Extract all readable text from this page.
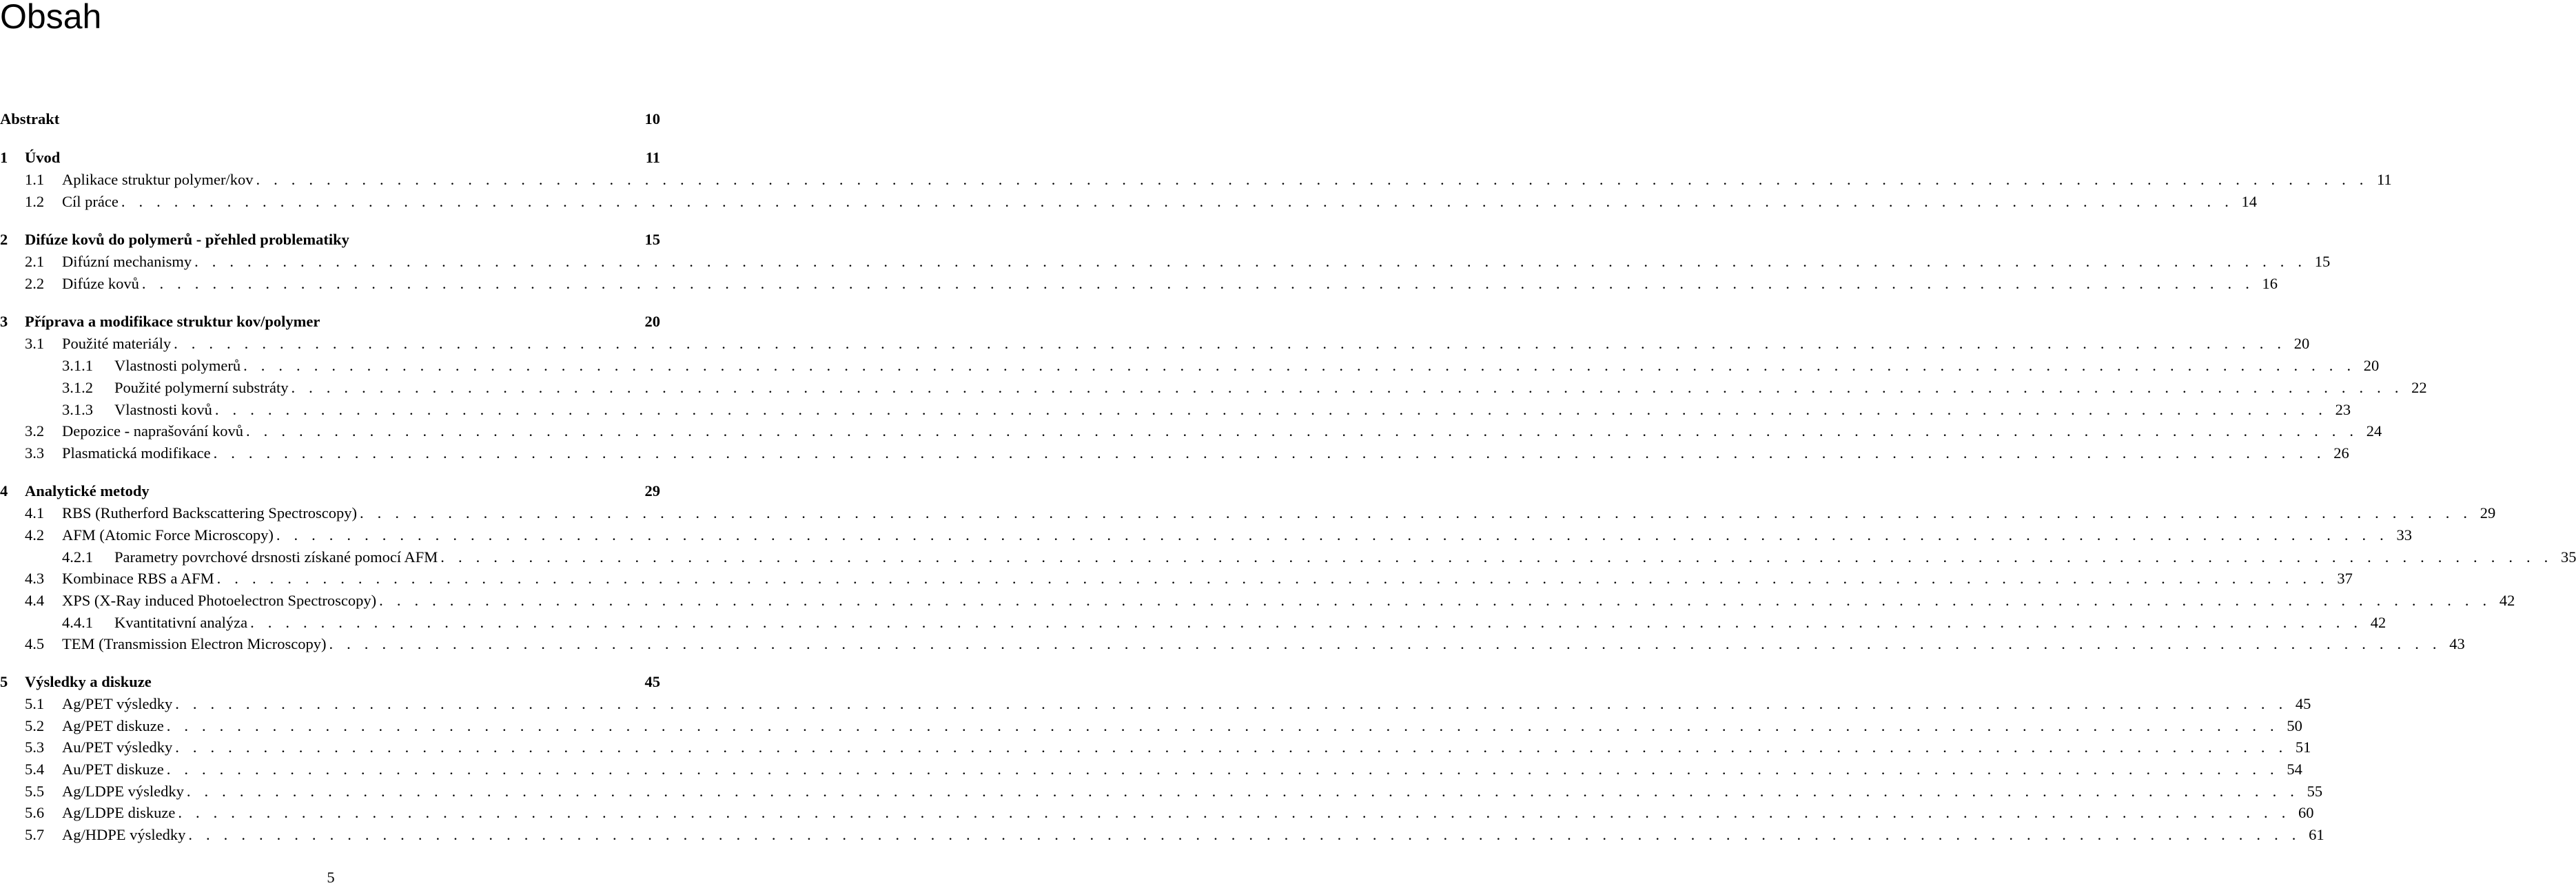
Obsah
Abstrakt	10
1	Úvod	11
1.1	Aplikace struktur polymer/kov . . . . . . . . . . . . . . . . . . . . . . . . . . . . . . . . . . . . . . . . . . . . . . . . . . . . . . . . . . . . . . . . . . . . . . . . . . . . . . . . . . . . . . . . . . . . . . . . . . . . . . . . . . . . . . . . . . . . . . . . 11
1.2	Cíl práce . . . . . . . . . . . . . . . . . . . . . . . . . . . . . . . . . . . . . . . . . . . . . . . . . . . . . . . . . . . . . . . . . . . . . . . . . . . . . . . . . . . . . . . . . . . . . . . . . . . . . . . . . . . . . . . . . . . . . . . . 14
2	Difúze kovů do polymerů - přehled problematiky	15
2.1	Difúzní mechanismy . . . . . . . . . . . . . . . . . . . . . . . . . . . . . . . . . . . . . . . . . . . . . . . . . . . . . . . . . . . . . . . . . . . . . . . . . . . . . . . . . . . . . . . . . . . . . . . . . . . . . . . . . . . . . . . . . . . . . . . . 15
2.2	Difúze kovů . . . . . . . . . . . . . . . . . . . . . . . . . . . . . . . . . . . . . . . . . . . . . . . . . . . . . . . . . . . . . . . . . . . . . . . . . . . . . . . . . . . . . . . . . . . . . . . . . . . . . . . . . . . . . . . . . . . . . . . . 16
3	Příprava a modifikace struktur kov/polymer	20
3.1	Použité materiály . . . . . . . . . . . . . . . . . . . . . . . . . . . . . . . . . . . . . . . . . . . . . . . . . . . . . . . . . . . . . . . . . . . . . . . . . . . . . . . . . . . . . . . . . . . . . . . . . . . . . . . . . . . . . . . . . . . . . . . . 20
3.1.1	Vlastnosti polymerů . . . . . . . . . . . . . . . . . . . . . . . . . . . . . . . . . . . . . . . . . . . . . . . . . . . . . . . . . . . . . . . . . . . . . . . . . . . . . . . . . . . . . . . . . . . . . . . . . . . . . . . . . . . . . . . . . . . . . . . . 20
3.1.2	Použité polymerní substráty . . . . . . . . . . . . . . . . . . . . . . . . . . . . . . . . . . . . . . . . . . . . . . . . . . . . . . . . . . . . . . . . . . . . . . . . . . . . . . . . . . . . . . . . . . . . . . . . . . . . . . . . . . . . . . . . . . . . . . . . 22
3.1.3	Vlastnosti kovů . . . . . . . . . . . . . . . . . . . . . . . . . . . . . . . . . . . . . . . . . . . . . . . . . . . . . . . . . . . . . . . . . . . . . . . . . . . . . . . . . . . . . . . . . . . . . . . . . . . . . . . . . . . . . . . . . . . . . . . . 23
3.2	Depozice - naprašování kovů . . . . . . . . . . . . . . . . . . . . . . . . . . . . . . . . . . . . . . . . . . . . . . . . . . . . . . . . . . . . . . . . . . . . . . . . . . . . . . . . . . . . . . . . . . . . . . . . . . . . . . . . . . . . . . . . . . . . . . . . 24
3.3	Plasmatická modifikace . . . . . . . . . . . . . . . . . . . . . . . . . . . . . . . . . . . . . . . . . . . . . . . . . . . . . . . . . . . . . . . . . . . . . . . . . . . . . . . . . . . . . . . . . . . . . . . . . . . . . . . . . . . . . . . . . . . . . . . . 26
4	Analytické metody	29
4.1	RBS (Rutherford Backscattering Spectroscopy) . . . . . . . . . . . . . . . . . . . . . . . . . . . . . . . . . . . . . . . . . . . . . . . . . . . . . . . . . . . . . . . . . . . . . . . . . . . . . . . . . . . . . . . . . . . . . . . . . . . . . . . . . . . . . . . . . . . . . . . . 29
4.2	AFM (Atomic Force Microscopy) . . . . . . . . . . . . . . . . . . . . . . . . . . . . . . . . . . . . . . . . . . . . . . . . . . . . . . . . . . . . . . . . . . . . . . . . . . . . . . . . . . . . . . . . . . . . . . . . . . . . . . . . . . . . . . . . . . . . . . . . 33
4.2.1	Parametry povrchové drsnosti získané pomocí AFM . . . . . . . . . . . . . . . . . . . . . . . . . . . . . . . . . . . . . . . . . . . . . . . . . . . . . . . . . . . . . . . . . . . . . . . . . . . . . . . . . . . . . . . . . . . . . . . . . . . . . . . . . . . . . . . . . . . . . . . . 35
4.3	Kombinace RBS a AFM . . . . . . . . . . . . . . . . . . . . . . . . . . . . . . . . . . . . . . . . . . . . . . . . . . . . . . . . . . . . . . . . . . . . . . . . . . . . . . . . . . . . . . . . . . . . . . . . . . . . . . . . . . . . . . . . . . . . . . . . 37
4.4	XPS (X-Ray induced Photoelectron Spectroscopy) . . . . . . . . . . . . . . . . . . . . . . . . . . . . . . . . . . . . . . . . . . . . . . . . . . . . . . . . . . . . . . . . . . . . . . . . . . . . . . . . . . . . . . . . . . . . . . . . . . . . . . . . . . . . . . . . . . . . . . . . 42
4.4.1	Kvantitativní analýza . . . . . . . . . . . . . . . . . . . . . . . . . . . . . . . . . . . . . . . . . . . . . . . . . . . . . . . . . . . . . . . . . . . . . . . . . . . . . . . . . . . . . . . . . . . . . . . . . . . . . . . . . . . . . . . . . . . . . . . . 42
4.5	TEM (Transmission Electron Microscopy) . . . . . . . . . . . . . . . . . . . . . . . . . . . . . . . . . . . . . . . . . . . . . . . . . . . . . . . . . . . . . . . . . . . . . . . . . . . . . . . . . . . . . . . . . . . . . . . . . . . . . . . . . . . . . . . . . . . . . . . . 43
5	Výsledky a diskuze	45
5.1	Ag/PET výsledky . . . . . . . . . . . . . . . . . . . . . . . . . . . . . . . . . . . . . . . . . . . . . . . . . . . . . . . . . . . . . . . . . . . . . . . . . . . . . . . . . . . . . . . . . . . . . . . . . . . . . . . . . . . . . . . . . . . . . . . . 45
5.2	Ag/PET diskuze . . . . . . . . . . . . . . . . . . . . . . . . . . . . . . . . . . . . . . . . . . . . . . . . . . . . . . . . . . . . . . . . . . . . . . . . . . . . . . . . . . . . . . . . . . . . . . . . . . . . . . . . . . . . . . . . . . . . . . . . 50
5.3	Au/PET výsledky . . . . . . . . . . . . . . . . . . . . . . . . . . . . . . . . . . . . . . . . . . . . . . . . . . . . . . . . . . . . . . . . . . . . . . . . . . . . . . . . . . . . . . . . . . . . . . . . . . . . . . . . . . . . . . . . . . . . . . . . 51
5.4	Au/PET diskuze . . . . . . . . . . . . . . . . . . . . . . . . . . . . . . . . . . . . . . . . . . . . . . . . . . . . . . . . . . . . . . . . . . . . . . . . . . . . . . . . . . . . . . . . . . . . . . . . . . . . . . . . . . . . . . . . . . . . . . . . 54
5.5	Ag/LDPE výsledky . . . . . . . . . . . . . . . . . . . . . . . . . . . . . . . . . . . . . . . . . . . . . . . . . . . . . . . . . . . . . . . . . . . . . . . . . . . . . . . . . . . . . . . . . . . . . . . . . . . . . . . . . . . . . . . . . . . . . . . . 55
5.6	Ag/LDPE diskuze . . . . . . . . . . . . . . . . . . . . . . . . . . . . . . . . . . . . . . . . . . . . . . . . . . . . . . . . . . . . . . . . . . . . . . . . . . . . . . . . . . . . . . . . . . . . . . . . . . . . . . . . . . . . . . . . . . . . . . . . 60
5.7	Ag/HDPE výsledky . . . . . . . . . . . . . . . . . . . . . . . . . . . . . . . . . . . . . . . . . . . . . . . . . . . . . . . . . . . . . . . . . . . . . . . . . . . . . . . . . . . . . . . . . . . . . . . . . . . . . . . . . . . . . . . . . . . . . . . . 61
5
